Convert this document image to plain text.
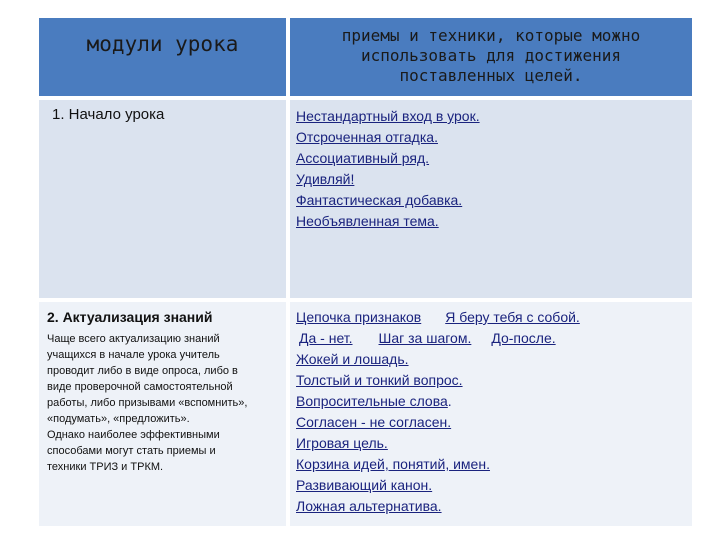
модули урока	приемы и техники, которые можно
использовать для достижения
поставленных целей.
1. Начало урока	Нестандартный вход в урок.
Отсроченная отгадка.
Ассоциативный ряд.
Удивляй!
Фантастическая добавка.
Необъявленная тема.
2. Актуализация знаний
Чаще всего актуализацию знаний
учащихся в начале урока учитель
проводит либо в виде опроса, либо в
виде проверочной самостоятельной
работы, либо призывами «вспомнить»,
«подумать», «предложить».
Однако наиболее эффективными
способами могут стать приемы и
техники ТРИЗ и ТРКМ.
Цепочка признаков Я беру тебя с собой.
Да - нет. Шаг за шагом. До-после.
Жокей и лошадь.
Толстый и тонкий вопрос.
Вопросительные слова.
Согласен - не согласен.
Игровая цель.
Корзина идей, понятий, имен.
Развивающий канон.
Ложная альтернатива.
